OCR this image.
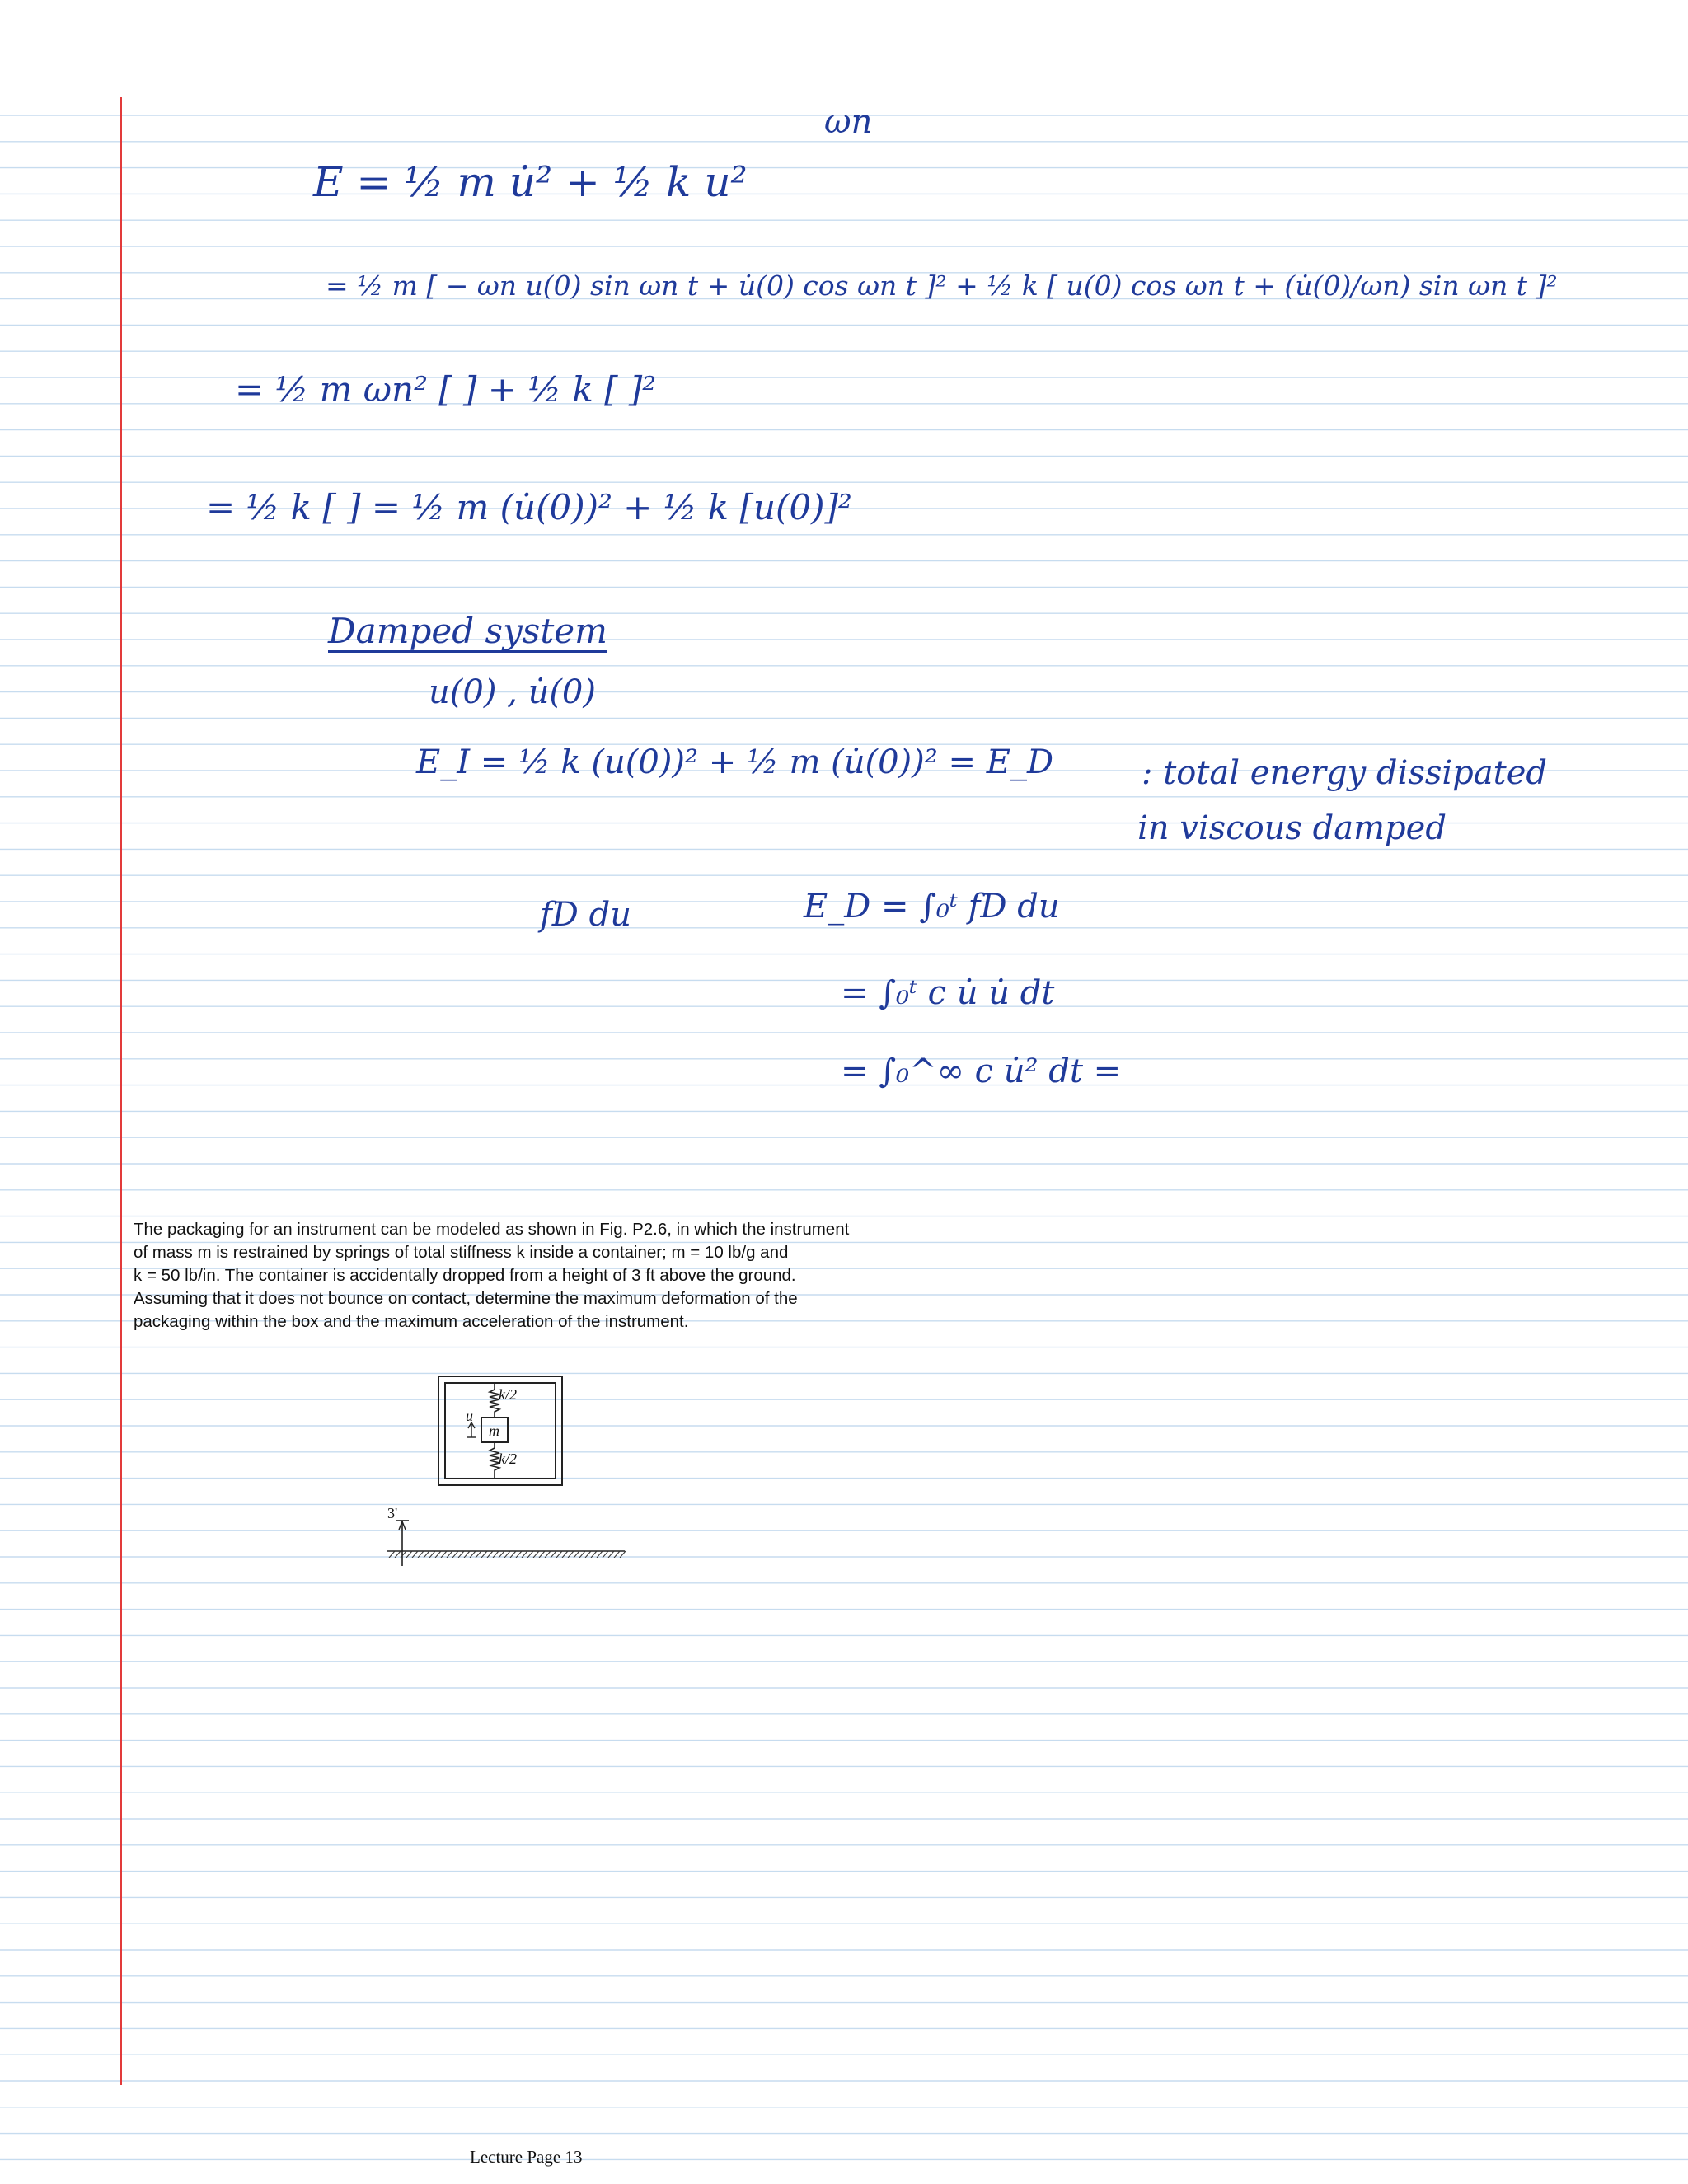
ωn
E = ½ m u̇² + ½ k u²
= ½ m [ − ωn u(0) sin ωn t + u̇(0) cos ωn t ]² + ½ k [ u(0) cos ωn t + (u̇(0)/ωn) sin ωn t ]²
= ½ m ωn² [ ] + ½ k [ ]²
= ½ k [ ] = ½ m (u̇(0))² + ½ k [u(0)]²
Damped system
u(0) , u̇(0)
E_I = ½ k (u(0))² + ½ m (u̇(0))² = E_D	: total energy dissipated
in viscous damped
fD du	E_D = ∫₀ᵗ fD du
= ∫₀ᵗ c u̇ u̇ dt
= ∫₀^∞ c u̇² dt =

The packaging for an instrument can be modeled as shown in Fig. P2.6, in which the instrument

of mass m is restrained by springs of total stiffness k inside a container; m = 10 lb/g and

k = 50 lb/in. The container is accidentally dropped from a height of 3 ft above the ground.

Assuming that it does not bounce on contact, determine the maximum deformation of the

packaging within the box and the maximum acceleration of the instrument.

k/2
k/2
m
u
3'
Lecture Page 13
